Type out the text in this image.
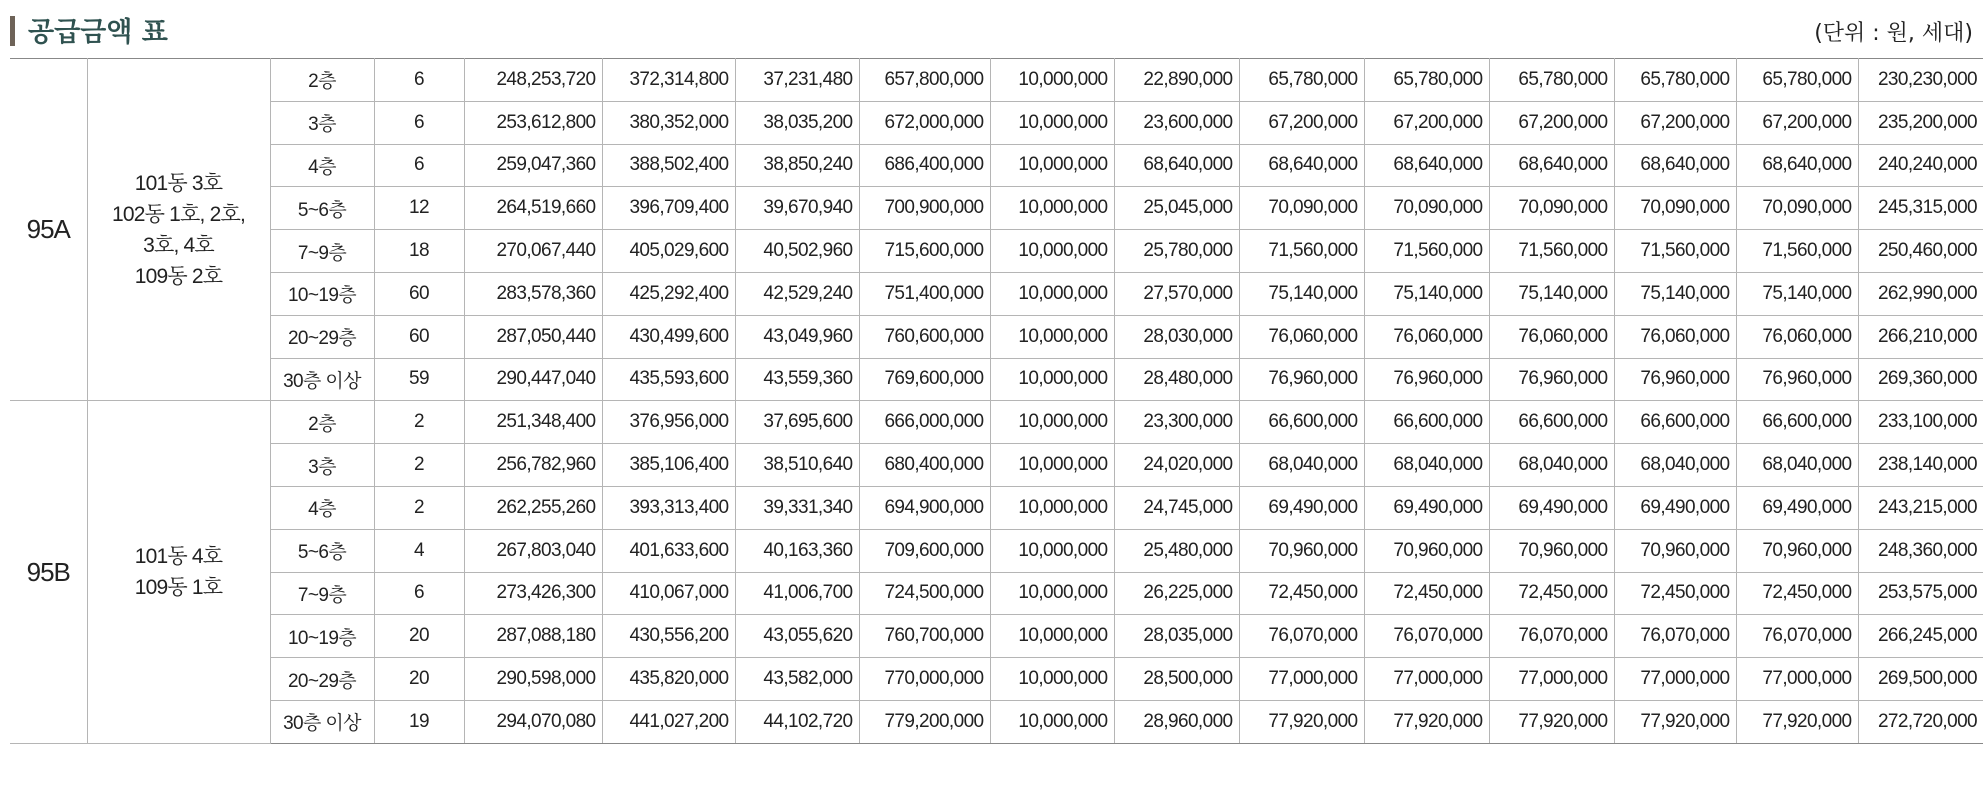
공급금액 표	(단위 : 원, 세대)
95A	101동 3호
102동 1호, 2호,
3호, 4호
109동 2호	2층	6	248,253,720	372,314,800	37,231,480	657,800,000	10,000,000	22,890,000	65,780,000	65,780,000	65,780,000	65,780,000	65,780,000	230,230,000
		3층	6	253,612,800	380,352,000	38,035,200	672,000,000	10,000,000	23,600,000	67,200,000	67,200,000	67,200,000	67,200,000	67,200,000	235,200,000
		4층	6	259,047,360	388,502,400	38,850,240	686,400,000	10,000,000	68,640,000	68,640,000	68,640,000	68,640,000	68,640,000	68,640,000	240,240,000
		5~6층	12	264,519,660	396,709,400	39,670,940	700,900,000	10,000,000	25,045,000	70,090,000	70,090,000	70,090,000	70,090,000	70,090,000	245,315,000
		7~9층	18	270,067,440	405,029,600	40,502,960	715,600,000	10,000,000	25,780,000	71,560,000	71,560,000	71,560,000	71,560,000	71,560,000	250,460,000
		10~19층	60	283,578,360	425,292,400	42,529,240	751,400,000	10,000,000	27,570,000	75,140,000	75,140,000	75,140,000	75,140,000	75,140,000	262,990,000
		20~29층	60	287,050,440	430,499,600	43,049,960	760,600,000	10,000,000	28,030,000	76,060,000	76,060,000	76,060,000	76,060,000	76,060,000	266,210,000
		30층 이상	59	290,447,040	435,593,600	43,559,360	769,600,000	10,000,000	28,480,000	76,960,000	76,960,000	76,960,000	76,960,000	76,960,000	269,360,000
95B	101동 4호
109동 1호	2층	2	251,348,400	376,956,000	37,695,600	666,000,000	10,000,000	23,300,000	66,600,000	66,600,000	66,600,000	66,600,000	66,600,000	233,100,000
		3층	2	256,782,960	385,106,400	38,510,640	680,400,000	10,000,000	24,020,000	68,040,000	68,040,000	68,040,000	68,040,000	68,040,000	238,140,000
		4층	2	262,255,260	393,313,400	39,331,340	694,900,000	10,000,000	24,745,000	69,490,000	69,490,000	69,490,000	69,490,000	69,490,000	243,215,000
		5~6층	4	267,803,040	401,633,600	40,163,360	709,600,000	10,000,000	25,480,000	70,960,000	70,960,000	70,960,000	70,960,000	70,960,000	248,360,000
		7~9층	6	273,426,300	410,067,000	41,006,700	724,500,000	10,000,000	26,225,000	72,450,000	72,450,000	72,450,000	72,450,000	72,450,000	253,575,000
		10~19층	20	287,088,180	430,556,200	43,055,620	760,700,000	10,000,000	28,035,000	76,070,000	76,070,000	76,070,000	76,070,000	76,070,000	266,245,000
		20~29층	20	290,598,000	435,820,000	43,582,000	770,000,000	10,000,000	28,500,000	77,000,000	77,000,000	77,000,000	77,000,000	77,000,000	269,500,000
		30층 이상	19	294,070,080	441,027,200	44,102,720	779,200,000	10,000,000	28,960,000	77,920,000	77,920,000	77,920,000	77,920,000	77,920,000	272,720,000
